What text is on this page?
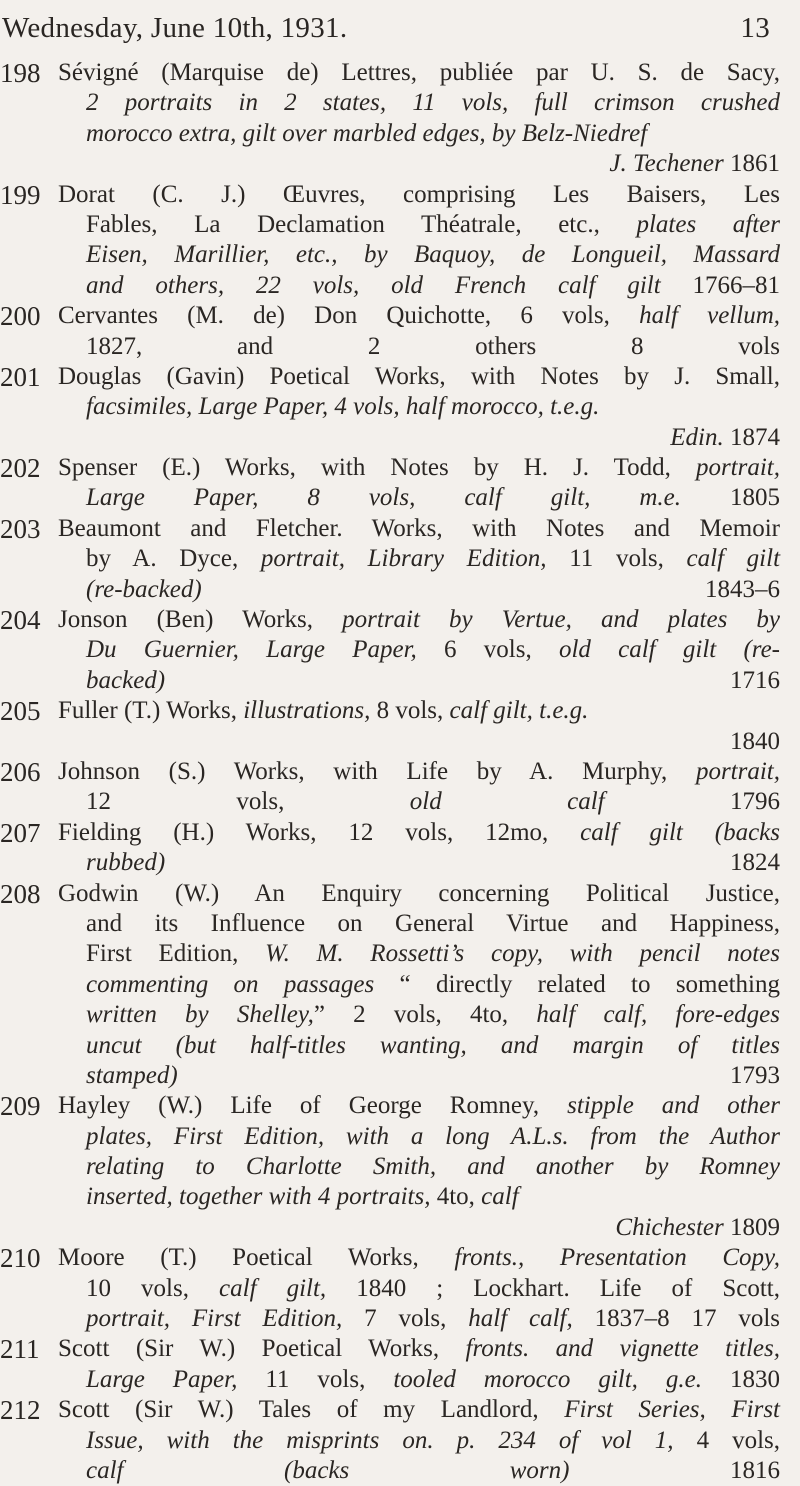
Wednesday, June 10th, 1931.	13
198 Sévigné (Marquise de) Lettres, publiée par U. S. de Sacy,
2 portraits in 2 states, 11 vols, full crimson crushed
morocco extra, gilt over marbled edges, by Belz-Niedref
J. Techener 1861
199 Dorat (C. J.) Œuvres, comprising Les Baisers, Les
Fables, La Declamation Théatrale, etc., plates after
Eisen, Marillier, etc., by Baquoy, de Longueil, Massard
and others, 22 vols, old French calf gilt 1766–81
200 Cervantes (M. de) Don Quichotte, 6 vols, half vellum,
1827, and 2 others 8 vols
201 Douglas (Gavin) Poetical Works, with Notes by J. Small,
facsimiles, Large Paper, 4 vols, half morocco, t.e.g.
Edin. 1874
202 Spenser (E.) Works, with Notes by H. J. Todd, portrait,
Large Paper, 8 vols, calf gilt, m.e. 1805
203 Beaumont and Fletcher. Works, with Notes and Memoir
by A. Dyce, portrait, Library Edition, 11 vols, calf gilt
(re-backed) 1843–6
204 Jonson (Ben) Works, portrait by Vertue, and plates by
Du Guernier, Large Paper, 6 vols, old calf gilt (re-
backed) 1716
205 Fuller (T.) Works, illustrations, 8 vols, calf gilt, t.e.g.
1840
206 Johnson (S.) Works, with Life by A. Murphy, portrait,
12 vols, old calf 1796
207 Fielding (H.) Works, 12 vols, 12mo, calf gilt (backs
rubbed) 1824
208 Godwin (W.) An Enquiry concerning Political Justice,
and its Influence on General Virtue and Happiness,
First Edition, W. M. Rossetti’s copy, with pencil notes
commenting on passages “ directly related to something
written by Shelley,” 2 vols, 4to, half calf, fore-edges
uncut (but half-titles wanting, and margin of titles
stamped) 1793
209 Hayley (W.) Life of George Romney, stipple and other
plates, First Edition, with a long A.L.s. from the Author
relating to Charlotte Smith, and another by Romney
inserted, together with 4 portraits, 4to, calf
Chichester 1809
210 Moore (T.) Poetical Works, fronts., Presentation Copy,
10 vols, calf gilt, 1840 ; Lockhart. Life of Scott,
portrait, First Edition, 7 vols, half calf, 1837–8 17 vols
211 Scott (Sir W.) Poetical Works, fronts. and vignette titles,
Large Paper, 11 vols, tooled morocco gilt, g.e. 1830
212 Scott (Sir W.) Tales of my Landlord, First Series, First
Issue, with the misprints on. p. 234 of vol 1, 4 vols,
calf (backs worn) 1816
